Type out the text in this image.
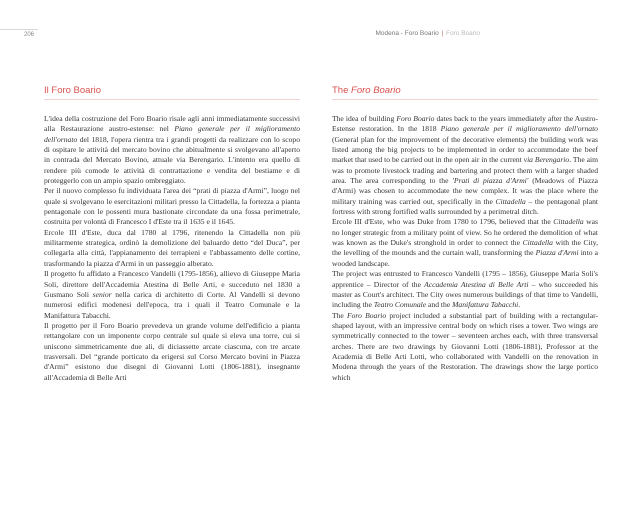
206	Modena - Foro Boario | Foro Boario
Il Foro Boario

L'idea della costruzione del Foro Boario risale agli anni immediatamente successivi alla Restaurazione austro-estense: nel Piano generale per il miglioramento dell'ornato del 1818, l'opera rientra tra i grandi progetti da realizzare con lo scopo di ospitare le attività del mercato bovino che abitualmente si svolgevano all'aperto in contrada del Mercato Bovino, attuale via Berengario. L'intento era quello di rendere più comode le attività di contrattazione e vendita del bestiame e di proteggerlo con un ampio spazio ombreggiato.

Per il nuovo complesso fu individuata l'area dei “prati di piazza d'Armi”, luogo nel quale si svolgevano le esercitazioni militari presso la Cittadella, la fortezza a pianta pentagonale con le possenti mura bastionate circondate da una fossa perimetrale, costruita per volontà di Francesco I d'Este tra il 1635 e il 1645.

Ercole III d'Este, duca dal 1780 al 1796, ritenendo la Cittadella non più militarmente strategica, ordinò la demolizione del baluardo detto “del Duca”, per collegarla alla città, l'appianamento dei terrapieni e l'abbassamento delle cortine, trasformando la piazza d'Armi in un passeggio alberato.

Il progetto fu affidato a Francesco Vandelli (1795-1856), allievo di Giuseppe Maria Soli, direttore dell'Accademia Atestina di Belle Arti, e succeduto nel 1830 a Gusmano Soli senior nella carica di architetto di Corte. Al Vandelli si devono numerosi edifici modenesi dell'epoca, tra i quali il Teatro Comunale e la Manifattura Tabacchi.

Il progetto per il Foro Boario prevedeva un grande volume dell'edificio a pianta rettangolare con un imponente corpo centrale sul quale si eleva una torre, cui si uniscono simmetricamente due ali, di diciassette arcate ciascuna, con tre arcate trasversali. Del “grande porticato da erigersi sul Corso Mercato bovini in Piazza d'Armi” esistono due disegni di Giovanni Lotti (1806-1881), insegnante all'Accademia di Belle Arti

The Foro Boario

The idea of building Foro Boario dates back to the years immediately after the Austro-Estense restoration. In the 1818 Piano generale per il miglioramento dell'ornato (General plan for the improvement of the decorative elements) the building work was listed among the big projects to be implemented in order to accommodate the beef market that used to be carried out in the open air in the current via Berengario. The aim was to promote livestock trading and bartering and protect them with a larger shaded area. The area corresponding to the 'Prati di piazza d'Armi' (Meadows of Piazza d'Armi) was chosen to accommodate the new complex. It was the place where the military training was carried out, specifically in the Cittadella – the pentagonal plant fortress with strong fortified walls surrounded by a perimetral ditch.

Ercole III d'Este, who was Duke from 1780 to 1796, believed that the Cittadella was no longer strategic from a military point of view. So he ordered the demolition of what was known as the Duke's stronghold in order to connect the Cittadella with the City, the levelling of the mounds and the curtain wall, transforming the Piazza d'Armi into a wooded landscape.

The project was entrusted to Francesco Vandelli (1795 – 1856), Giuseppe Maria Soli's apprentice – Director of the Accademia Atestina di Belle Arti – who succeeded his master as Court's architect. The City owes numerous buildings of that time to Vandelli, including the Teatro Comunale and the Manifattura Tabacchi.

The Foro Boario project included a substantial part of building with a rectangular-shaped layout, with an impressive central body on which rises a tower. Two wings are symmetrically connected to the tower – seventeen arches each, with three transversal arches. There are two drawings by Giovanni Lotti (1806-1881), Professor at the Academia di Belle Arti Lotti, who collaborated with Vandelli on the renovation in Modena through the years of the Restoration. The drawings show the large portico which
